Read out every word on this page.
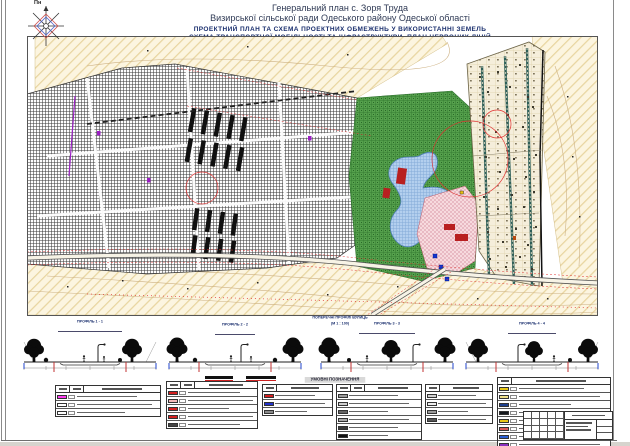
Генеральний план с. Зоря Труда
Визирської сільської ради Одеського району Одеської області
ПРОЕКТНИЙ ПЛАН ТА СХЕМА ПРОЕКТНИХ ОБМЕЖЕНЬ У ВИКОРИСТАННІ ЗЕМЕЛЬ
Пн
ПОПЕРЕЧНІ ПРОФІЛІ ВУЛИЦЬ
(М 1 : 100)
ПРОФІЛЬ 1 - 1
ПРОФІЛЬ 2 - 2	ПРОФІЛЬ 3 - 3	ПРОФІЛЬ 4 - 4
УМОВНІ ПОЗНАЧЕННЯ
